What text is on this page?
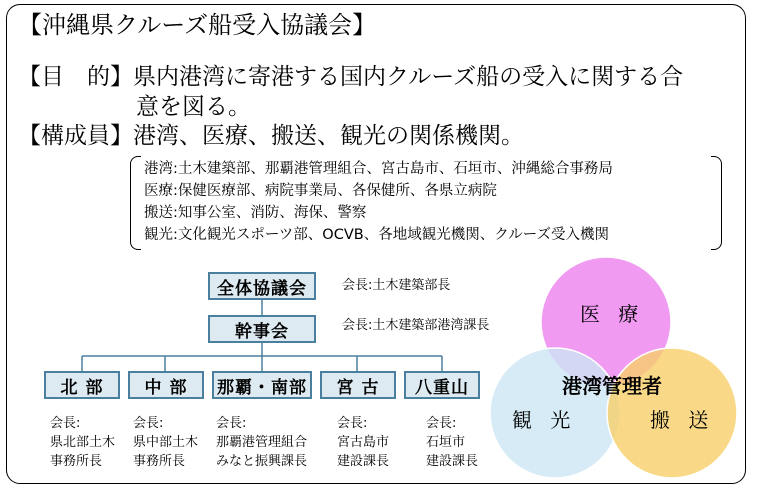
【沖縄県クルーズ船受入協議会】
【目　的】県内港湾に寄港する国内クルーズ船の受入に関する合
意を図る。
【構成員】港湾、医療、搬送、観光の関係機関。
港湾:土木建築部、那覇港管理組合、宮古島市、石垣市、沖縄総合事務局
医療:保健医療部、病院事業局、各保健所、各県立病院
搬送:知事公室、消防、海保、警察
観光:文化観光スポーツ部、OCVB、各地域観光機関、クルーズ受入機関
全体協議会	会長:土木建築部長
幹事会	会長:土木建築部港湾課長
北 部	中 部	那覇・南部	宮 古	八重山
会長:
県北部土木
事務所長
会長:
県中部土木
事務所長
会長:
那覇港管理組合
みなと振興課長
会長:
宮古島市
建設課長
会長:
石垣市
建設課長
医 療
観 光	搬 送
港湾管理者
